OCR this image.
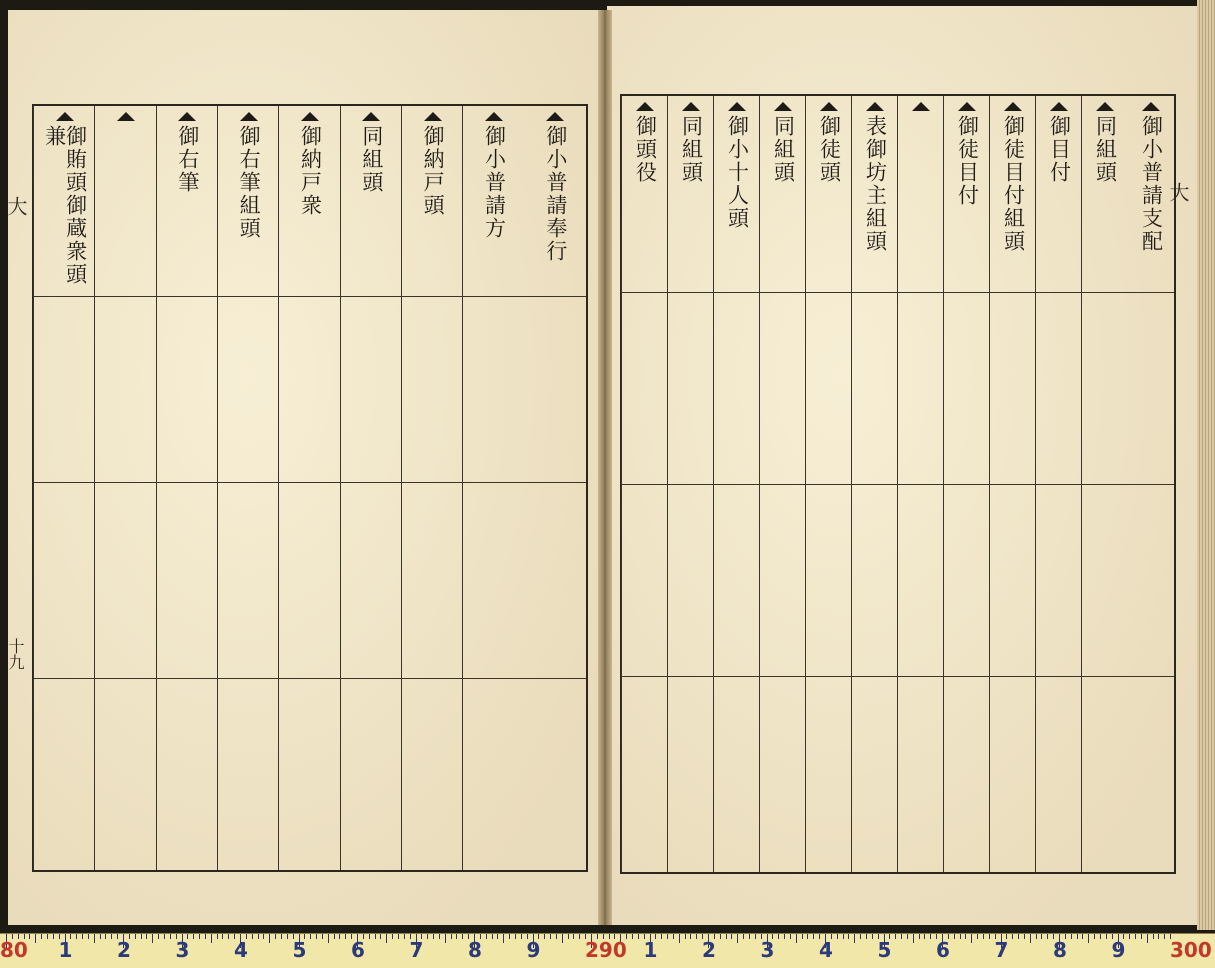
大
十九
大
御小普請奉行
御小普請方
御納戸頭
同組頭
御納戸衆
御右筆組頭
御右筆
御賄頭御蔵衆頭兼	御小普請支配
同組頭
御目付
御徒目付組頭
御徒目付
表御坊主組頭
御徒頭
同組頭
御小十人頭
同組頭
御頭役
80 1 2 3 4 5 6 7 8 9 290 1 2 3 4 5 6 7 8 9 300
